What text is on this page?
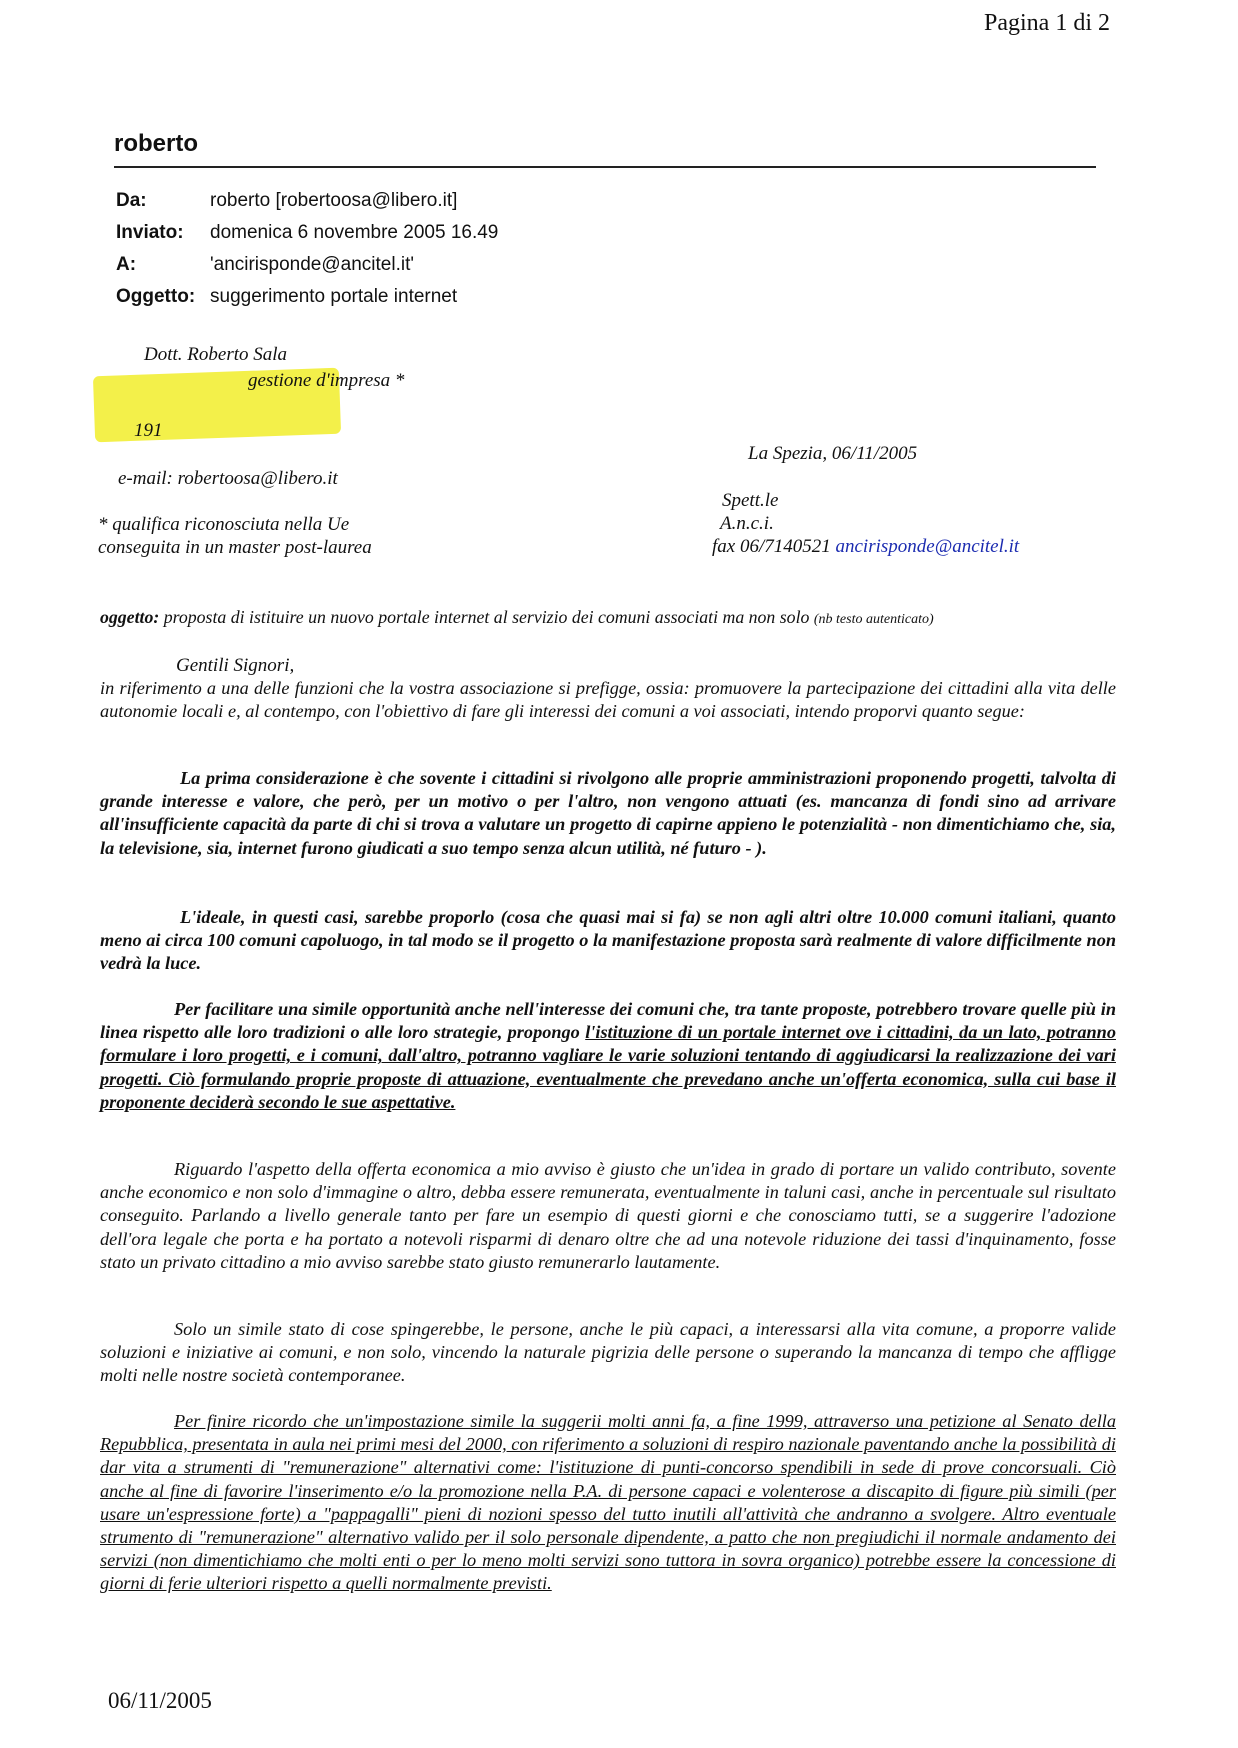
Pagina 1 di 2
roberto
Da:	roberto [robertoosa@libero.it]
Inviato:	domenica 6 novembre 2005 16.49
A:	'ancirisponde@ancitel.it'
Oggetto: suggerimento portale internet
Dott. Roberto Sala
gestione d'impresa *
191
e-mail: robertoosa@libero.it
* qualifica riconosciuta nella Ue
conseguita in un master post-laurea
La Spezia, 06/11/2005
Spett.le
A.n.c.i.
fax 06/7140521 ancirisponde@ancitel.it
oggetto: proposta di istituire un nuovo portale internet al servizio dei comuni associati ma non solo (nb testo autenticato)
Gentili Signori,
in riferimento a una delle funzioni che la vostra associazione si prefigge, ossia: promuovere la partecipazione dei cittadini alla vita delle autonomie locali e, al contempo, con l'obiettivo di fare gli interessi dei comuni a voi associati, intendo proporvi quanto segue:
La prima considerazione è che sovente i cittadini si rivolgono alle proprie amministrazioni proponendo progetti, talvolta di grande interesse e valore, che però, per un motivo o per l'altro, non vengono attuati (es. mancanza di fondi sino ad arrivare all'insufficiente capacità da parte di chi si trova a valutare un progetto di capirne appieno le potenzialità - non dimentichiamo che, sia, la televisione, sia, internet furono giudicati a suo tempo senza alcun utilità, né futuro - ).
L'ideale, in questi casi, sarebbe proporlo (cosa che quasi mai si fa) se non agli altri oltre 10.000 comuni italiani, quanto meno ai circa 100 comuni capoluogo, in tal modo se il progetto o la manifestazione proposta sarà realmente di valore difficilmente non vedrà la luce.
Per facilitare una simile opportunità anche nell'interesse dei comuni che, tra tante proposte, potrebbero trovare quelle più in linea rispetto alle loro tradizioni o alle loro strategie, propongo l'istituzione di un portale internet ove i cittadini, da un lato, potranno formulare i loro progetti, e i comuni, dall'altro, potranno vagliare le varie soluzioni tentando di aggiudicarsi la realizzazione dei vari progetti. Ciò formulando proprie proposte di attuazione, eventualmente che prevedano anche un'offerta economica, sulla cui base il proponente deciderà secondo le sue aspettative.
Riguardo l'aspetto della offerta economica a mio avviso è giusto che un'idea in grado di portare un valido contributo, sovente anche economico e non solo d'immagine o altro, debba essere remunerata, eventualmente in taluni casi, anche in percentuale sul risultato conseguito. Parlando a livello generale tanto per fare un esempio di questi giorni e che conosciamo tutti, se a suggerire l'adozione dell'ora legale che porta e ha portato a notevoli risparmi di denaro oltre che ad una notevole riduzione dei tassi d'inquinamento, fosse stato un privato cittadino a mio avviso sarebbe stato giusto remunerarlo lautamente.
Solo un simile stato di cose spingerebbe, le persone, anche le più capaci, a interessarsi alla vita comune, a proporre valide soluzioni e iniziative ai comuni, e non solo, vincendo la naturale pigrizia delle persone o superando la mancanza di tempo che affligge molti nelle nostre società contemporanee.
Per finire ricordo che un'impostazione simile la suggerii molti anni fa, a fine 1999, attraverso una petizione al Senato della Repubblica, presentata in aula nei primi mesi del 2000, con riferimento a soluzioni di respiro nazionale paventando anche la possibilità di dar vita a strumenti di "remunerazione" alternativi come: l'istituzione di punti-concorso spendibili in sede di prove concorsuali. Ciò anche al fine di favorire l'inserimento e/o la promozione nella P.A. di persone capaci e volenterose a discapito di figure più simili (per usare un'espressione forte) a "pappagalli" pieni di nozioni spesso del tutto inutili all'attività che andranno a svolgere. Altro eventuale strumento di "remunerazione" alternativo valido per il solo personale dipendente, a patto che non pregiudichi il normale andamento dei servizi (non dimentichiamo che molti enti o per lo meno molti servizi sono tuttora in sovra organico) potrebbe essere la concessione di giorni di ferie ulteriori rispetto a quelli normalmente previsti.
06/11/2005
